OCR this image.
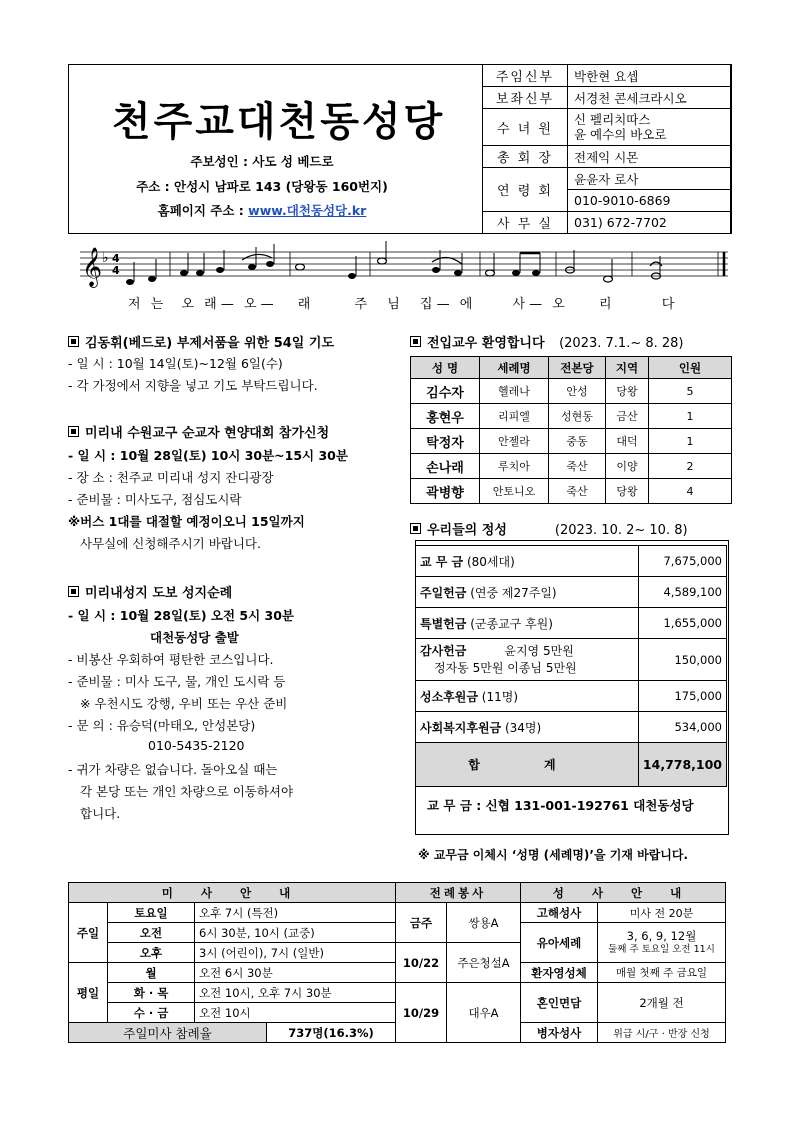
천주교대천동성당
주보성인 : 사도 성 베드로
주소 : 안성시 남파로 143 (당왕동 160번지)
홈페이지 주소 : www.대천동성당.kr
주임신부	박한현 요셉
보좌신부	서경천 콘세크라시오
수 녀 원	신 펠리치따스
윤 예수의 바오로

총 회 장	전제익 시몬
연 령 회	윤윤자 로사
	010-9010-6869
사 무 실	031) 672-7702
𝄞 ♭ 4
4
저 는 오 래 — 오 — 래	주 님 집 — 에	사 — 오	리	다
김동휘(베드로) 부제서품을 위한 54일 기도
- 일 시 : 10월 14일(토)~12월 6일(수)
- 각 가정에서 지향을 넣고 기도 부탁드립니다.
미리내 수원교구 순교자 현양대회 참가신청
- 일 시 : 10월 28일(토) 10시 30분~15시 30분
- 장 소 : 천주교 미리내 성지 잔디광장
- 준비물 : 미사도구, 점심도시락
※버스 1대를 대절할 예정이오니 15일까지
사무실에 신청해주시기 바랍니다.
미리내성지 도보 성지순례
- 일 시 : 10월 28일(토) 오전 5시 30분
대천동성당 출발
- 비봉산 우회하여 평탄한 코스입니다.
- 준비물 : 미사 도구, 물, 개인 도시락 등
※ 우천시도 강행, 우비 또는 우산 준비
- 문 의 : 유승덕(마태오, 안성본당)
010-5435-2120
- 귀가 차량은 없습니다. 돌아오실 때는
각 본당 또는 개인 차량으로 이동하셔야
합니다.
전입교우 환영합니다 (2023. 7.1.~ 8. 28)
성 명	세례명	전본당	지역	인원
김수자	헬레나	안성	당왕	5
홍현우	리피엘	성현동	금산	1
탁정자	안젤라	중동	대덕	1
손나래	루치아	죽산	이양	2
곽병향	안토니오	죽산	당왕	4
우리들의 정성	(2023. 10. 2~ 10. 8)
교 무 금 (80세대)	7,675,000
주일헌금 (연중 제27주일)	4,589,100
특별헌금 (군종교구 후원)	1,655,000

감사헌금 윤지영 5만원
정자동 5만원 이종님 5만원	150,000
성소후원금 (11명)	175,000
사회복지후원금 (34명)	534,000
합 계	14,778,100
교 무 금 : 신협 131-001-192761 대천동성당
※ 교무금 이체시 ‘성명 (세례명)’을 기재 바랍니다.
미 사 안 내				전례봉사		성 사 안 내	
주일	토요일	오후 7시 (특전)		금주	쌍용A	고해성사	미사 전 20분
	오전	6시 30분, 10시 (교중)				유아세례	3, 6, 9, 12월
둘째 주 토요일 오전 11시

	오후	3시 (어린이), 7시 (일반)		10/22	주은청설A		
평일	월	오전 6시 30분				환자영성체	매월 첫째 주 금요일
	화 · 목	오전 10시, 오후 7시 30분		10/29	대우A	혼인면담	2개월 전
	수 · 금	오전 10시					
주일미사 참례율			737명(16.3%)			병자성사	위급 시/구 · 반장 신청
